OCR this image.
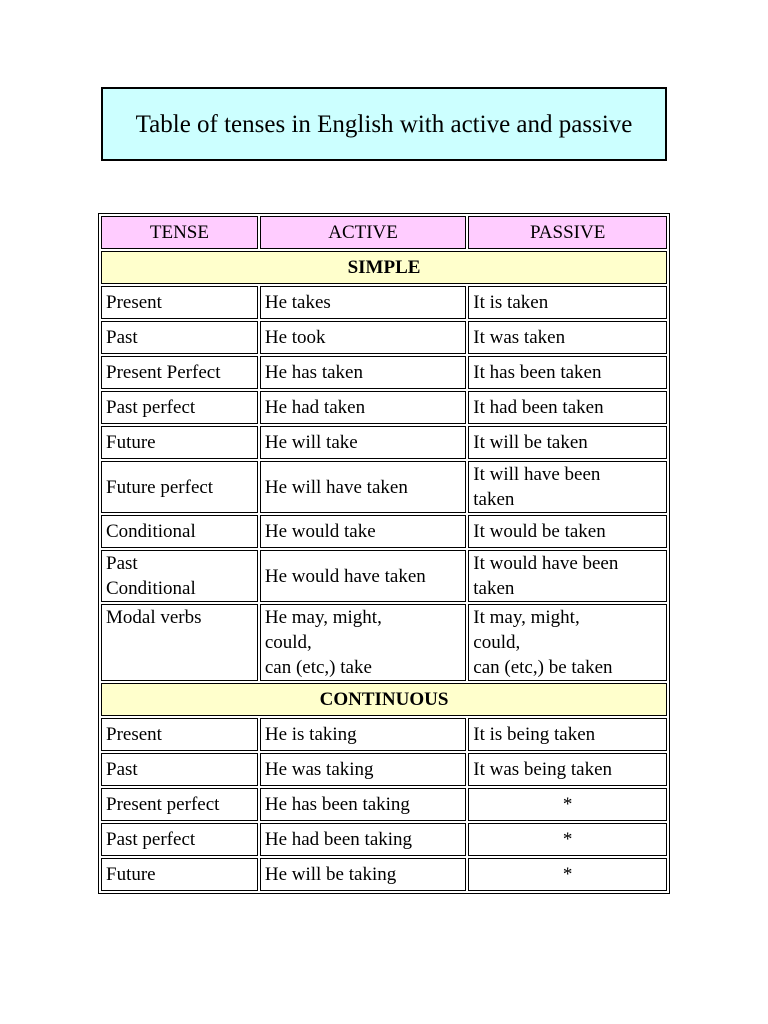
Table of tenses in English with active and passive
TENSE	ACTIVE	PASSIVE
SIMPLE		

Present	He takes	It is taken

Past	He took	It was taken

Present Perfect	He has taken	It has been taken

Past perfect	He had taken	It had been taken

Future	He will take	It will be taken

Future perfect	He will have taken	It will have been
taken

Conditional	He would take	It would be taken

Past
Conditional	He would have taken	It would have been
taken

Modal verbs	He may, might,
could,
can (etc,) take	It may, might,
could,
can (etc,) be taken

CONTINUOUS		

Present	He is taking	It is being taken

Past	He was taking	It was being taken

Present perfect	He has been taking	*

Past perfect	He had been taking	*

Future	He will be taking	*
